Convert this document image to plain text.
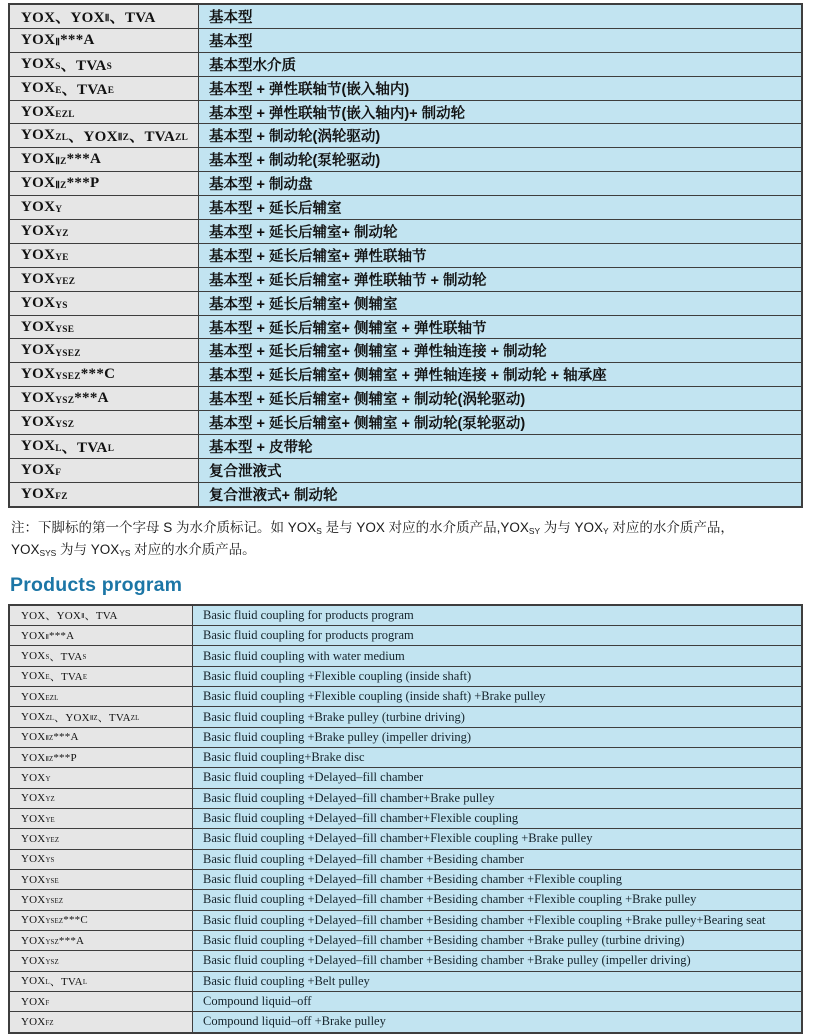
YOX、$YOX_Ⅱ$ 、TVA	基本型
$YOX_Ⅱ$ ***A	基本型
$YOX_S$ 、$TVA_S$	基本型水介质
$YOX_E$ 、$TVA_E$	基本型 + 弹性联轴节(嵌入轴内)
$YOX_{EZL}$	基本型 + 弹性联轴节(嵌入轴内)+ 制动轮
$YOX_{ZL}$ 、$YOX_{ⅡZ}$ 、$TVA_{ZL}$	基本型 + 制动轮(涡轮驱动)
$YOX_{ⅡZ}$ ***A	基本型 + 制动轮(泵轮驱动)
$YOX_{ⅡZ}$ ***P	基本型 + 制动盘
$YOX_Y$	基本型 + 延长后辅室
$YOX_{YZ}$	基本型 + 延长后辅室+ 制动轮
$YOX_{YE}$	基本型 + 延长后辅室+ 弹性联轴节
$YOX_{YEZ}$	基本型 + 延长后辅室+ 弹性联轴节 + 制动轮
$YOX_{YS}$	基本型 + 延长后辅室+ 侧辅室
$YOX_{YSE}$	基本型 + 延长后辅室+ 侧辅室 + 弹性联轴节
$YOX_{YSEZ}$	基本型 + 延长后辅室+ 侧辅室 + 弹性轴连接 + 制动轮
$YOX_{YSEZ}$ ***C	基本型 + 延长后辅室+ 侧辅室 + 弹性轴连接 + 制动轮 + 轴承座
$YOX_{YSZ}$ ***A	基本型 + 延长后辅室+ 侧辅室 + 制动轮(涡轮驱动)
$YOX_{YSZ}$	基本型 + 延长后辅室+ 侧辅室 + 制动轮(泵轮驱动)
$YOX_L$ 、$TVA_L$	基本型 + 皮带轮
$YOX_F$	复合泄液式
$YOX_{FZ}$	复合泄液式+ 制动轮

注：下脚标的第一个字母 S 为水介质标记。如 $YOX_S$ 是与 YOX 对应的水介质产品$,YOX_{SY}$ 为与 $YOX_Y$ 对应的水介质产品，
$YOX_{SYS}$ 为与 $YOX_{YS}$ 对应的水介质产品。

Products program
YOX、$YOX_Ⅱ$ 、TVA	Basic fluid coupling for products program
$YOX_Ⅱ$ ***A	Basic fluid coupling for products program
$YOX_S$ 、$TVA_S$	Basic fluid coupling with water medium
$YOX_E$ 、$TVA_E$	Basic fluid coupling +Flexible coupling (inside shaft)
$YOX_{EZL}$	Basic fluid coupling +Flexible coupling (inside shaft) +Brake pulley
$YOX_{ZL}$ 、$YOX_{ⅡZ}$ 、$TVA_{ZL}$	Basic fluid coupling +Brake pulley (turbine driving)
$YOX_{ⅡZ}$ ***A	Basic fluid coupling +Brake pulley (impeller driving)
$YOX_{ⅡZ}$ ***P	Basic fluid coupling+Brake disc
$YOX_Y$	Basic fluid coupling +Delayed–fill chamber
$YOX_{YZ}$	Basic fluid coupling +Delayed–fill chamber+Brake pulley
$YOX_{YE}$	Basic fluid coupling +Delayed–fill chamber+Flexible coupling
$YOX_{YEZ}$	Basic fluid coupling +Delayed–fill chamber+Flexible coupling +Brake pulley
$YOX_{YS}$	Basic fluid coupling +Delayed–fill chamber +Besiding chamber
$YOX_{YSE}$	Basic fluid coupling +Delayed–fill chamber +Besiding chamber +Flexible coupling
$YOX_{YSEZ}$	Basic fluid coupling +Delayed–fill chamber +Besiding chamber +Flexible coupling +Brake pulley
$YOX_{YSEZ}$ ***C	Basic fluid coupling +Delayed–fill chamber +Besiding chamber +Flexible coupling +Brake pulley+Bearing seat
$YOX_{YSZ}$ ***A	Basic fluid coupling +Delayed–fill chamber +Besiding chamber +Brake pulley (turbine driving)
$YOX_{YSZ}$	Basic fluid coupling +Delayed–fill chamber +Besiding chamber +Brake pulley (impeller driving)
$YOX_L$ 、$TVA_L$	Basic fluid coupling +Belt pulley
$YOX_F$	Compound liquid–off
$YOX_{FZ}$	Compound liquid–off +Brake pulley
